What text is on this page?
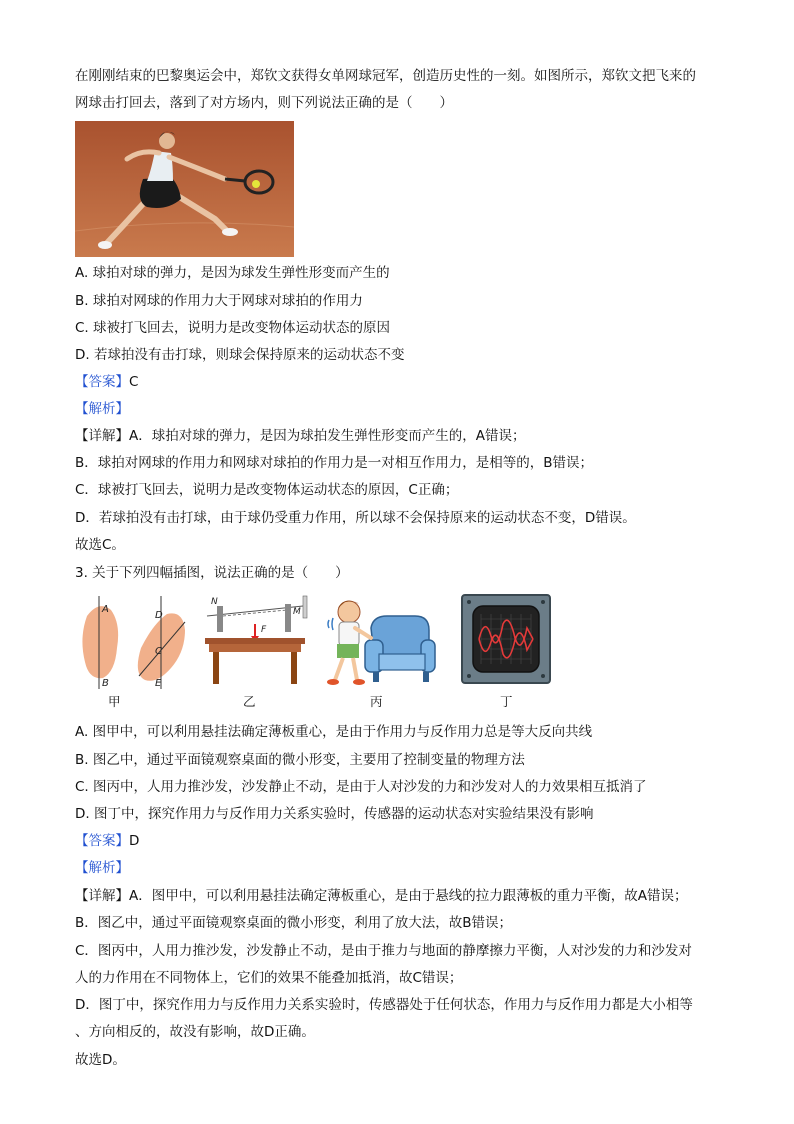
在刚刚结束的巴黎奥运会中，郑钦文获得女单网球冠军，创造历史性的一刻。如图所示，郑钦文把飞来的
网球击打回去，落到了对方场内，则下列说法正确的是（　　）
A. 球拍对球的弹力，是因为球发生弹性形变而产生的
B. 球拍对网球的作用力大于网球对球拍的作用力
C. 球被打飞回去，说明力是改变物体运动状态的原因
D. 若球拍没有击打球，则球会保持原来的运动状态不变
【答案】C
【解析】
【详解】A．球拍对球的弹力，是因为球拍发生弹性形变而产生的，A错误；
B．球拍对网球的作用力和网球对球拍的作用力是一对相互作用力，是相等的，B错误；
C．球被打飞回去，说明力是改变物体运动状态的原因，C正确；
D．若球拍没有击打球，由于球仍受重力作用，所以球不会保持原来的运动状态不变，D错误。
故选C。
3. 关于下列四幅插图，说法正确的是（　　）
A
B
D
C
E
N
M
F
甲	乙	丙	丁
A. 图甲中，可以利用悬挂法确定薄板重心，是由于作用力与反作用力总是等大反向共线
B. 图乙中，通过平面镜观察桌面的微小形变，主要用了控制变量的物理方法
C. 图丙中，人用力推沙发，沙发静止不动，是由于人对沙发的力和沙发对人的力效果相互抵消了
D. 图丁中，探究作用力与反作用力关系实验时，传感器的运动状态对实验结果没有影响
【答案】D
【解析】
【详解】A．图甲中，可以利用悬挂法确定薄板重心，是由于悬线的拉力跟薄板的重力平衡，故A错误；
B．图乙中，通过平面镜观察桌面的微小形变，利用了放大法，故B错误；
C．图丙中，人用力推沙发，沙发静止不动，是由于推力与地面的静摩擦力平衡，人对沙发的力和沙发对
人的力作用在不同物体上，它们的效果不能叠加抵消，故C错误；
D．图丁中，探究作用力与反作用力关系实验时，传感器处于任何状态，作用力与反作用力都是大小相等
、方向相反的，故没有影响，故D正确。
故选D。
